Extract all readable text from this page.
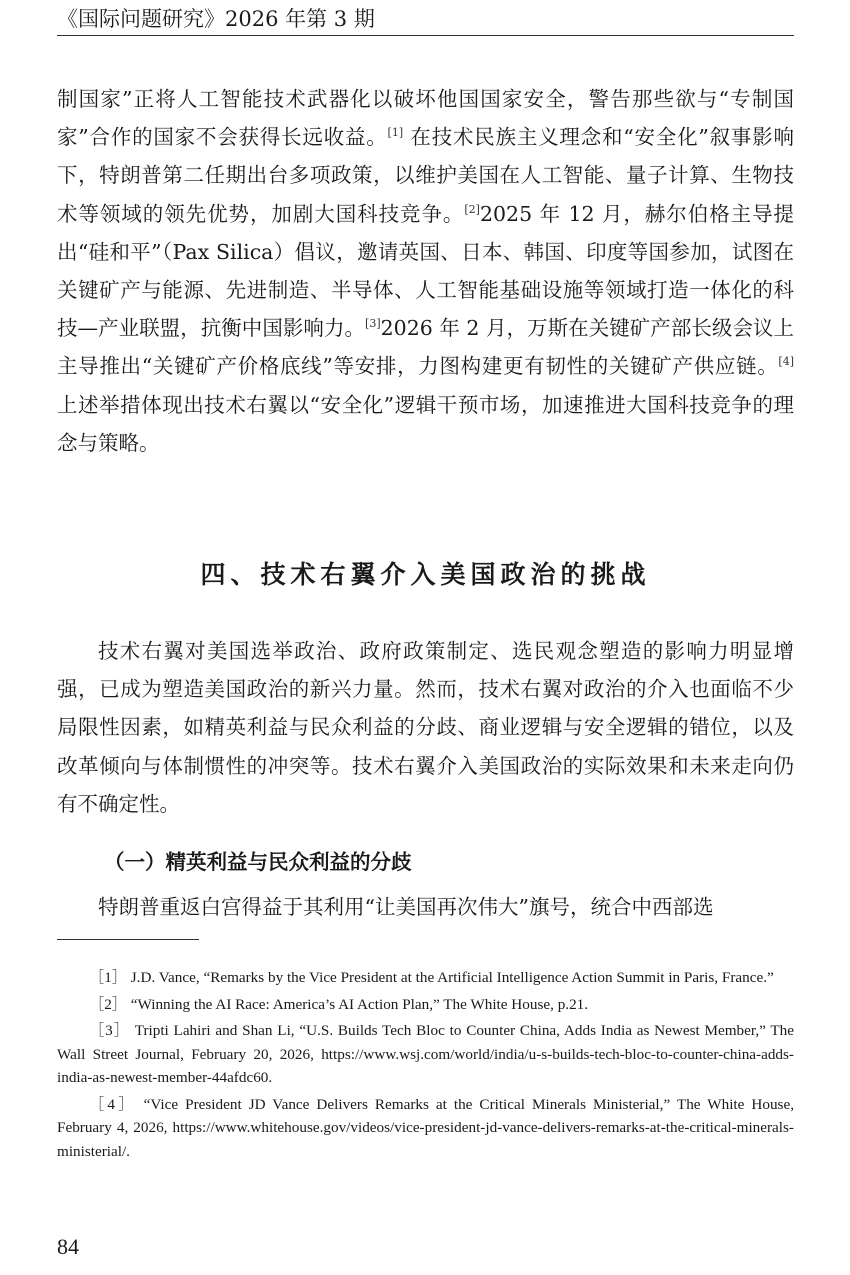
《国际问题研究》2026 年第 3 期
制国家”正将人工智能技术武器化以破坏他国国家安全，警告那些欲与“专制国家”合作的国家不会获得长远收益。[1] 在技术民族主义理念和“安全化”叙事影响下，特朗普第二任期出台多项政策，以维护美国在人工智能、量子计算、生物技术等领域的领先优势，加剧大国科技竞争。[2]2025 年 12 月，赫尔伯格主导提出“硅和平”（Pax Silica）倡议，邀请英国、日本、韩国、印度等国参加，试图在关键矿产与能源、先进制造、半导体、人工智能基础设施等领域打造一体化的科技—产业联盟，抗衡中国影响力。[3]2026 年 2 月，万斯在关键矿产部长级会议上主导推出“关键矿产价格底线”等安排，力图构建更有韧性的关键矿产供应链。[4] 上述举措体现出技术右翼以“安全化”逻辑干预市场，加速推进大国科技竞争的理念与策略。
四、技术右翼介入美国政治的挑战
技术右翼对美国选举政治、政府政策制定、选民观念塑造的影响力明显增强，已成为塑造美国政治的新兴力量。然而，技术右翼对政治的介入也面临不少局限性因素，如精英利益与民众利益的分歧、商业逻辑与安全逻辑的错位，以及改革倾向与体制惯性的冲突等。技术右翼介入美国政治的实际效果和未来走向仍有不确定性。
（一）精英利益与民众利益的分歧
特朗普重返白宫得益于其利用“让美国再次伟大”旗号，统合中西部选
［1］ J.D. Vance, “Remarks by the Vice President at the Artificial Intelligence Action Summit in Paris, France.”
［2］ “Winning the AI Race: America’s AI Action Plan,” The White House, p.21.
［3］ Tripti Lahiri and Shan Li, “U.S. Builds Tech Bloc to Counter China, Adds India as Newest Member,” The Wall Street Journal, February 20, 2026, https://www.wsj.com/world/india/u-s-builds-tech-bloc-to-counter-china-adds-india-as-newest-member-44afdc60.
［4］ “Vice President JD Vance Delivers Remarks at the Critical Minerals Ministerial,” The White House, February 4, 2026, https://www.whitehouse.gov/videos/vice-president-jd-vance-delivers-remarks-at-the-critical-minerals-ministerial/.
84
